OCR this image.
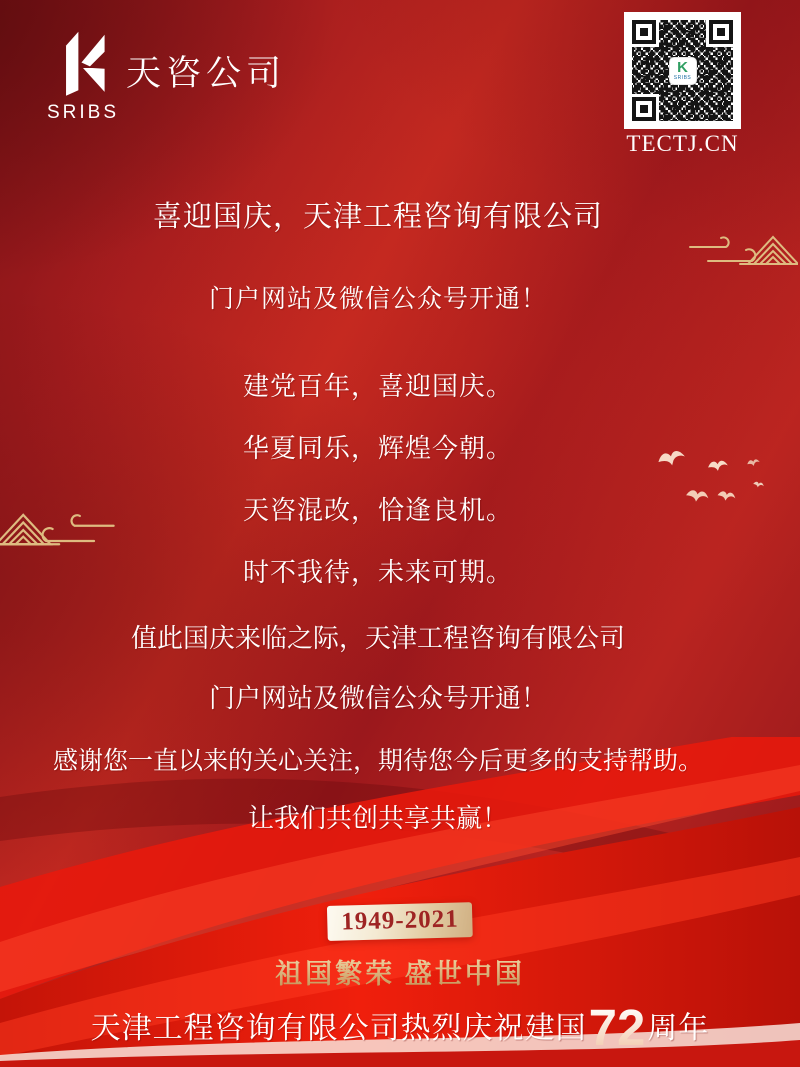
SRIBS
天咨公司	K
SRIBS
TECTJ.CN
喜迎国庆，天津工程咨询有限公司
门户网站及微信公众号开通！
建党百年，喜迎国庆。
华夏同乐，辉煌今朝。
天咨混改，恰逢良机。
时不我待，未来可期。
值此国庆来临之际，天津工程咨询有限公司
门户网站及微信公众号开通！
感谢您一直以来的关心关注，期待您今后更多的支持帮助。
让我们共创共享共赢！
1949-2021
祖国繁荣 盛世中国
天津工程咨询有限公司热烈庆祝建国72周年
